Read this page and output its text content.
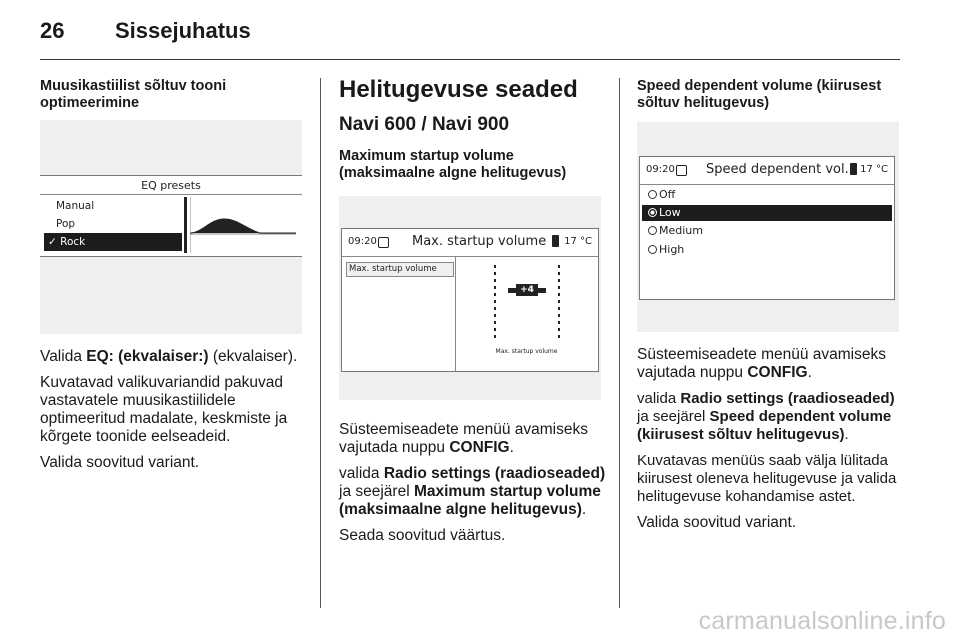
26 Sissejuhatus

Muusikastiilist sõltuv tooni optimeerimine

EQ presets
Manual
Pop
✓ Rock

Valida EQ: (ekvalaiser:) (ekvalaiser).

Kuvatavad valikuvariandid pakuvad vastavatele muusikastiilidele optimeeritud madalate, keskmiste ja kõrgete toonide eelseadeid.

Valida soovitud variant.

Helitugevuse seaded
Navi 600 / Navi 900

Maximum startup volume (maksimaalne algne helitugevus)

09:20	Max. startup volume 17 °C
Max. startup volume
+4
Max. startup volume

Süsteemiseadete menüü avamiseks vajutada nuppu CONFIG.

valida Radio settings (raadioseaded) ja seejärel Maximum startup volume (maksimaalne algne helitugevus).

Seada soovitud väärtus.

Speed dependent volume (kiirusest sõltuv helitugevus)

09:20 Speed dependent vol. 17 °C
Off
Low
Medium
High

Süsteemiseadete menüü avamiseks vajutada nuppu CONFIG.

valida Radio settings (raadioseaded) ja seejärel Speed dependent volume (kiirusest sõltuv helitugevus).

Kuvatavas menüüs saab välja lülitada kiirusest oleneva helitugevuse ja valida helitugevuse kohandamise astet.

Valida soovitud variant.

carmanualsonline.info
